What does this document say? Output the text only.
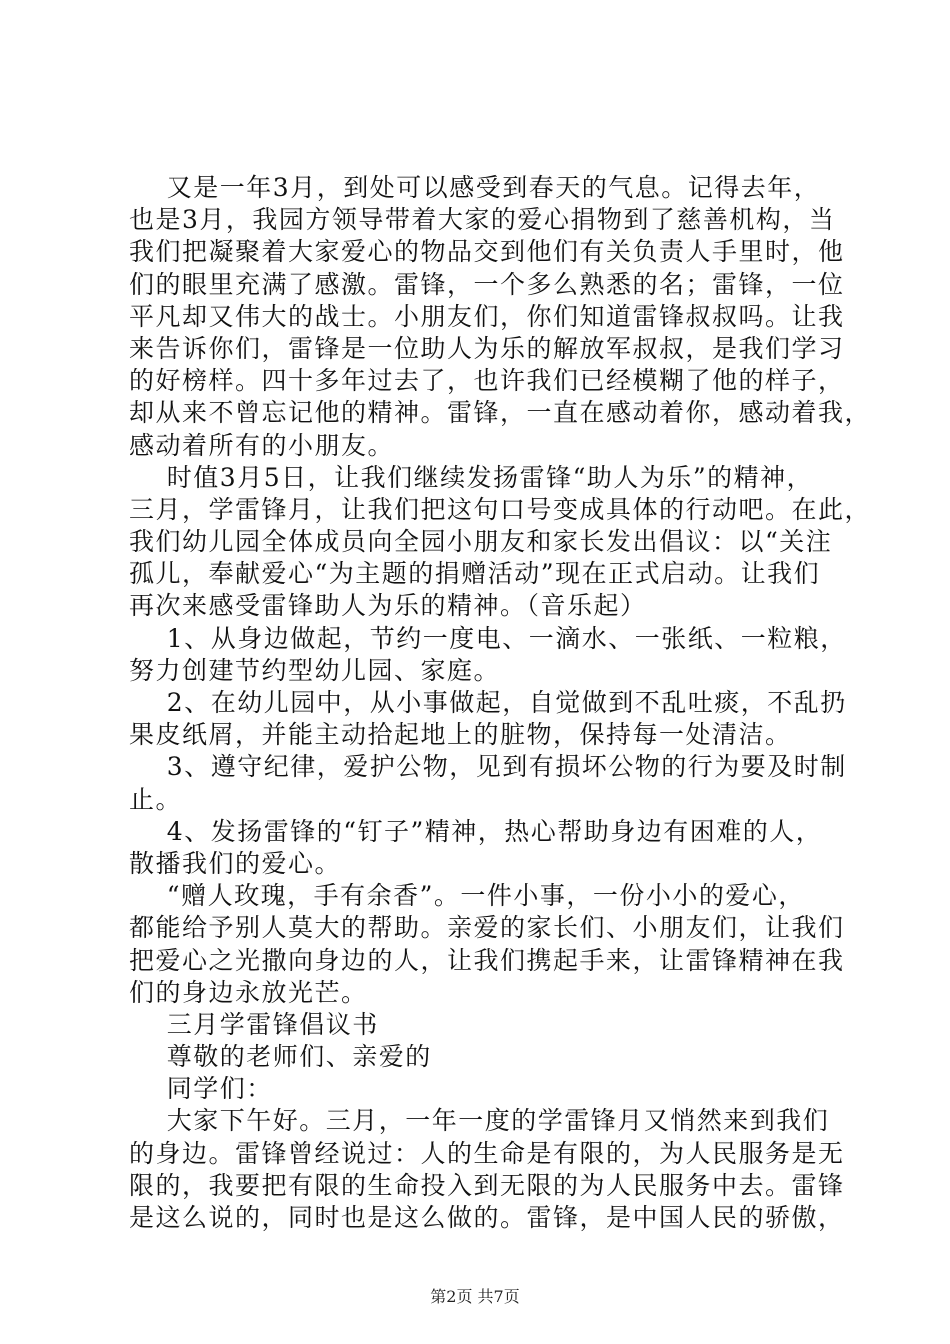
又是一年3月，到处可以感受到春天的气息。记得去年，
也是3月，我园方领导带着大家的爱心捐物到了慈善机构，当
我们把凝聚着大家爱心的物品交到他们有关负责人手里时，他
们的眼里充满了感激。雷锋，一个多么熟悉的名；雷锋，一位
平凡却又伟大的战士。小朋友们，你们知道雷锋叔叔吗。让我
来告诉你们，雷锋是一位助人为乐的解放军叔叔，是我们学习
的好榜样。四十多年过去了，也许我们已经模糊了他的样子，
却从来不曾忘记他的精神。雷锋，一直在感动着你，感动着我，
感动着所有的小朋友。
时值3月5日，让我们继续发扬雷锋“助人为乐”的精神，
三月，学雷锋月，让我们把这句口号变成具体的行动吧。在此，
我们幼儿园全体成员向全园小朋友和家长发出倡议：以“关注
孤儿，奉献爱心“为主题的捐赠活动”现在正式启动。让我们
再次来感受雷锋助人为乐的精神。（音乐起）
1、从身边做起，节约一度电、一滴水、一张纸、一粒粮，
努力创建节约型幼儿园、家庭。
2、在幼儿园中，从小事做起，自觉做到不乱吐痰，不乱扔
果皮纸屑，并能主动拾起地上的脏物，保持每一处清洁。
3、遵守纪律，爱护公物，见到有损坏公物的行为要及时制
止。
4、发扬雷锋的“钉子”精神，热心帮助身边有困难的人，
散播我们的爱心。
“赠人玫瑰，手有余香”。一件小事，一份小小的爱心，
都能给予别人莫大的帮助。亲爱的家长们、小朋友们，让我们
把爱心之光撒向身边的人，让我们携起手来，让雷锋精神在我
们的身边永放光芒。
三月学雷锋倡议书
尊敬的老师们、亲爱的
同学们：
大家下午好。三月，一年一度的学雷锋月又悄然来到我们
的身边。雷锋曾经说过：人的生命是有限的，为人民服务是无
限的，我要把有限的生命投入到无限的为人民服务中去。雷锋
是这么说的，同时也是这么做的。雷锋，是中国人民的骄傲，
第2页 共7页
